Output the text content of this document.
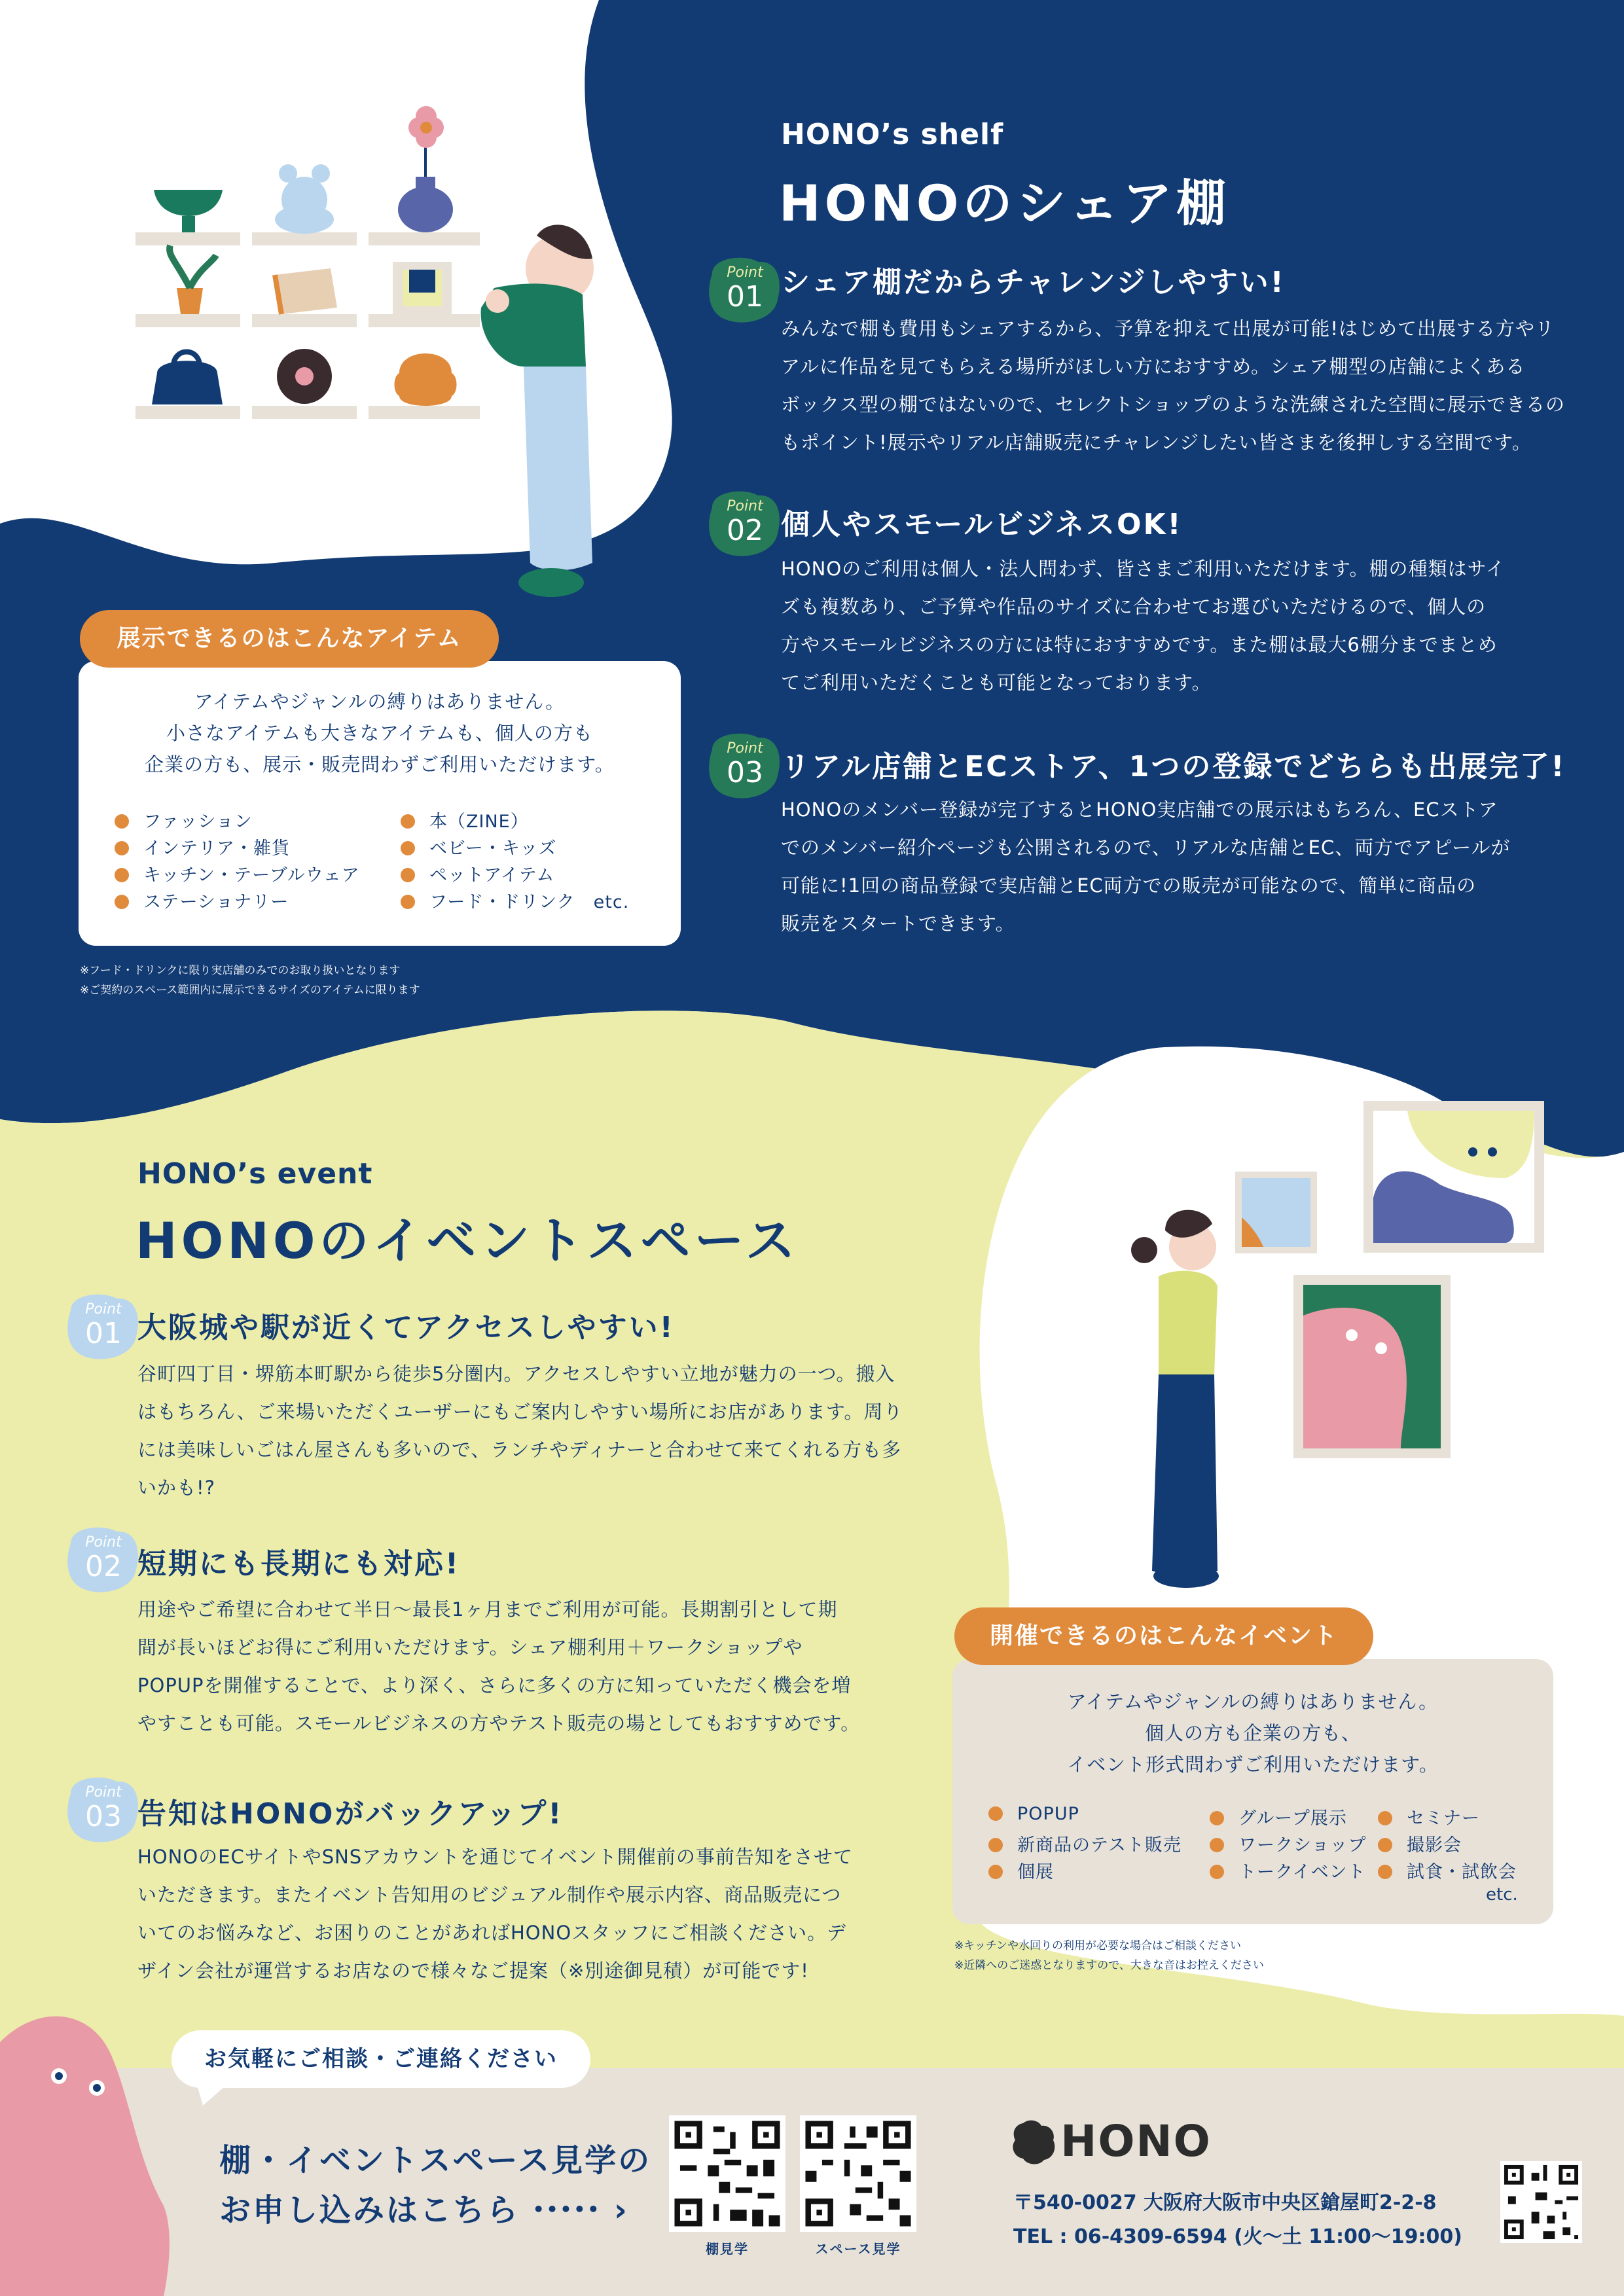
HONO’s shelf
HONOのシェア棚
Point
01 シェア棚だからチャレンジしやすい!

みんなで棚も費用もシェアするから、予算を抑えて出展が可能!はじめて出展する方やリ

アルに作品を見てもらえる場所がほしい方におすすめ。シェア棚型の店舗によくある

ボックス型の棚ではないので、セレクトショップのような洗練された空間に展示できるの

もポイント!展示やリアル店舗販売にチャレンジしたい皆さまを後押しする空間です。

Point
02 個人やスモールビジネスOK!

HONOのご利用は個人・法人問わず、皆さまご利用いただけます。棚の種類はサイ

ズも複数あり、ご予算や作品のサイズに合わせてお選びいただけるので、個人の

方やスモールビジネスの方には特におすすめです。また棚は最大6棚分までまとめ

てご利用いただくことも可能となっております。

Point
03 リアル店舗とECストア、1つの登録でどちらも出展完了!

HONOのメンバー登録が完了するとHONO実店舗での展示はもちろん、ECストア

でのメンバー紹介ページも公開されるので、リアルな店舗とEC、両方でアピールが

可能に!1回の商品登録で実店舗とEC両方での販売が可能なので、簡単に商品の

販売をスタートできます。

展示できるのはこんなアイテム

アイテムやジャンルの縛りはありません。

小さなアイテムも大きなアイテムも、個人の方も

企業の方も、展示・販売問わずご利用いただけます。

ファッション
インテリア・雑貨
キッチン・テーブルウェア
ステーショナリー
本（ZINE）
ベビー・キッズ
ペットアイテム
フード・ドリンク　etc.

※フード・ドリンクに限り実店舗のみでのお取り扱いとなります

※ご契約のスペース範囲内に展示できるサイズのアイテムに限ります

HONO’s event
HONOのイベントスペース
Point
01 大阪城や駅が近くてアクセスしやすい!

谷町四丁目・堺筋本町駅から徒歩5分圏内。アクセスしやすい立地が魅力の一つ。搬入

はもちろん、ご来場いただくユーザーにもご案内しやすい場所にお店があります。周り

には美味しいごはん屋さんも多いので、ランチやディナーと合わせて来てくれる方も多

いかも!?

Point
02 短期にも長期にも対応!

用途やご希望に合わせて半日〜最長1ヶ月までご利用が可能。長期割引として期

間が長いほどお得にご利用いただけます。シェア棚利用＋ワークショップや

POPUPを開催することで、より深く、さらに多くの方に知っていただく機会を増

やすことも可能。スモールビジネスの方やテスト販売の場としてもおすすめです。

Point
03 告知はHONOがバックアップ!

HONOのECサイトやSNSアカウントを通じてイベント開催前の事前告知をさせて

いただきます。またイベント告知用のビジュアル制作や展示内容、商品販売につ

いてのお悩みなど、お困りのことがあればHONOスタッフにご相談ください。デ

ザイン会社が運営するお店なので様々なご提案（※別途御見積）が可能です!

開催できるのはこんなイベント

アイテムやジャンルの縛りはありません。

個人の方も企業の方も、

イベント形式問わずご利用いただけます。

POPUP
新商品のテスト販売
個展
グループ展示
ワークショップ
トークイベント
セミナー
撮影会
試食・試飲会
etc.

※キッチンや水回りの利用が必要な場合はご相談ください

※近隣へのご迷惑となりますので、大きな音はお控えください

お気軽にご相談・ご連絡ください
棚・イベントスペース見学の
お申し込みはこちら ••••• ›
棚見学	スペース見学
HONO
〒540-0027 大阪府大阪市中央区鎗屋町2-2-8
TEL : 06-4309-6594 (火〜土 11:00〜19:00)
